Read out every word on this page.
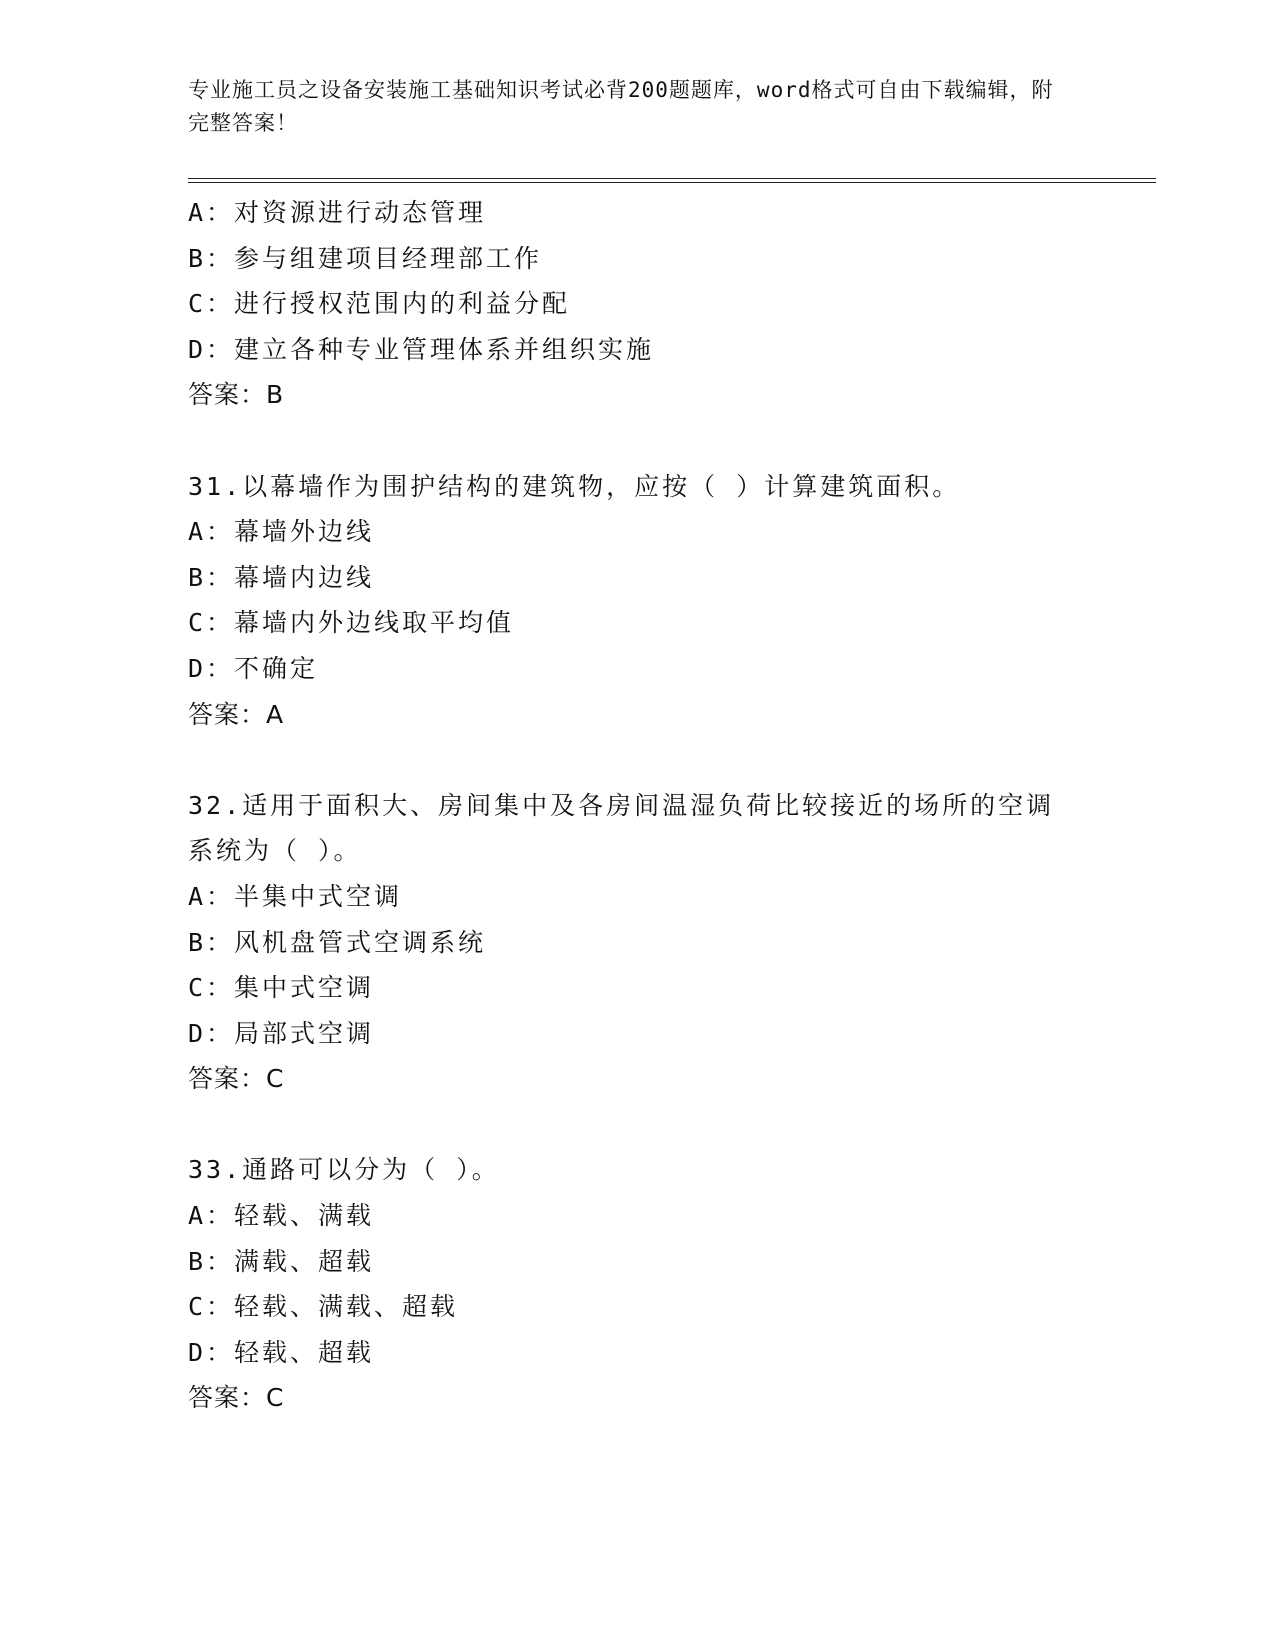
专业施工员之设备安装施工基础知识考试必背200题题库，word格式可自由下载编辑，附完整答案！
A：对资源进行动态管理
B：参与组建项目经理部工作
C：进行授权范围内的利益分配
D：建立各种专业管理体系并组织实施
答案：B
31.以幕墙作为围护结构的建筑物，应按（ ）计算建筑面积。
A：幕墙外边线
B：幕墙内边线
C：幕墙内外边线取平均值
D：不确定
答案：A
32.适用于面积大、房间集中及各房间温湿负荷比较接近的场所的空调
系统为（ ）。
A：半集中式空调
B：风机盘管式空调系统
C：集中式空调
D：局部式空调
答案：C
33.通路可以分为（ ）。
A：轻载、满载
B：满载、超载
C：轻载、满载、超载
D：轻载、超载
答案：C
